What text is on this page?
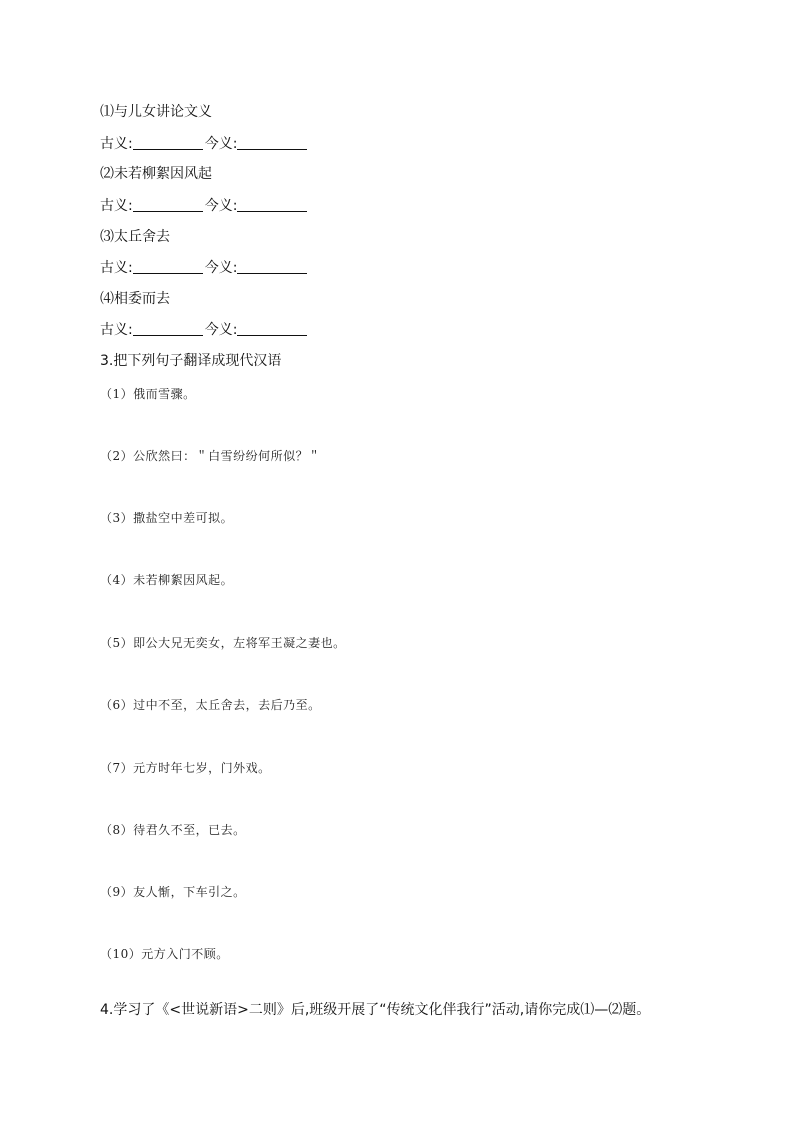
⑴与儿女讲论文义
古义:	今义:
⑵未若柳絮因风起
古义:	今义:
⑶太丘舍去
古义:	今义:
⑷相委而去
古义:	今义:
3.把下列句子翻译成现代汉语
（1）俄而雪骤。
（2）公欣然曰：＂白雪纷纷何所似？＂
（3）撒盐空中差可拟。
（4）未若柳絮因风起。
（5）即公大兄无奕女，左将军王凝之妻也。
（6）过中不至，太丘舍去，去后乃至。
（7）元方时年七岁，门外戏。
（8）待君久不至，已去。
（9）友人惭，下车引之。
（10）元方入门不顾。
4.学习了《<世说新语>二则》后,班级开展了“传统文化伴我行”活动,请你完成⑴—⑵题。
